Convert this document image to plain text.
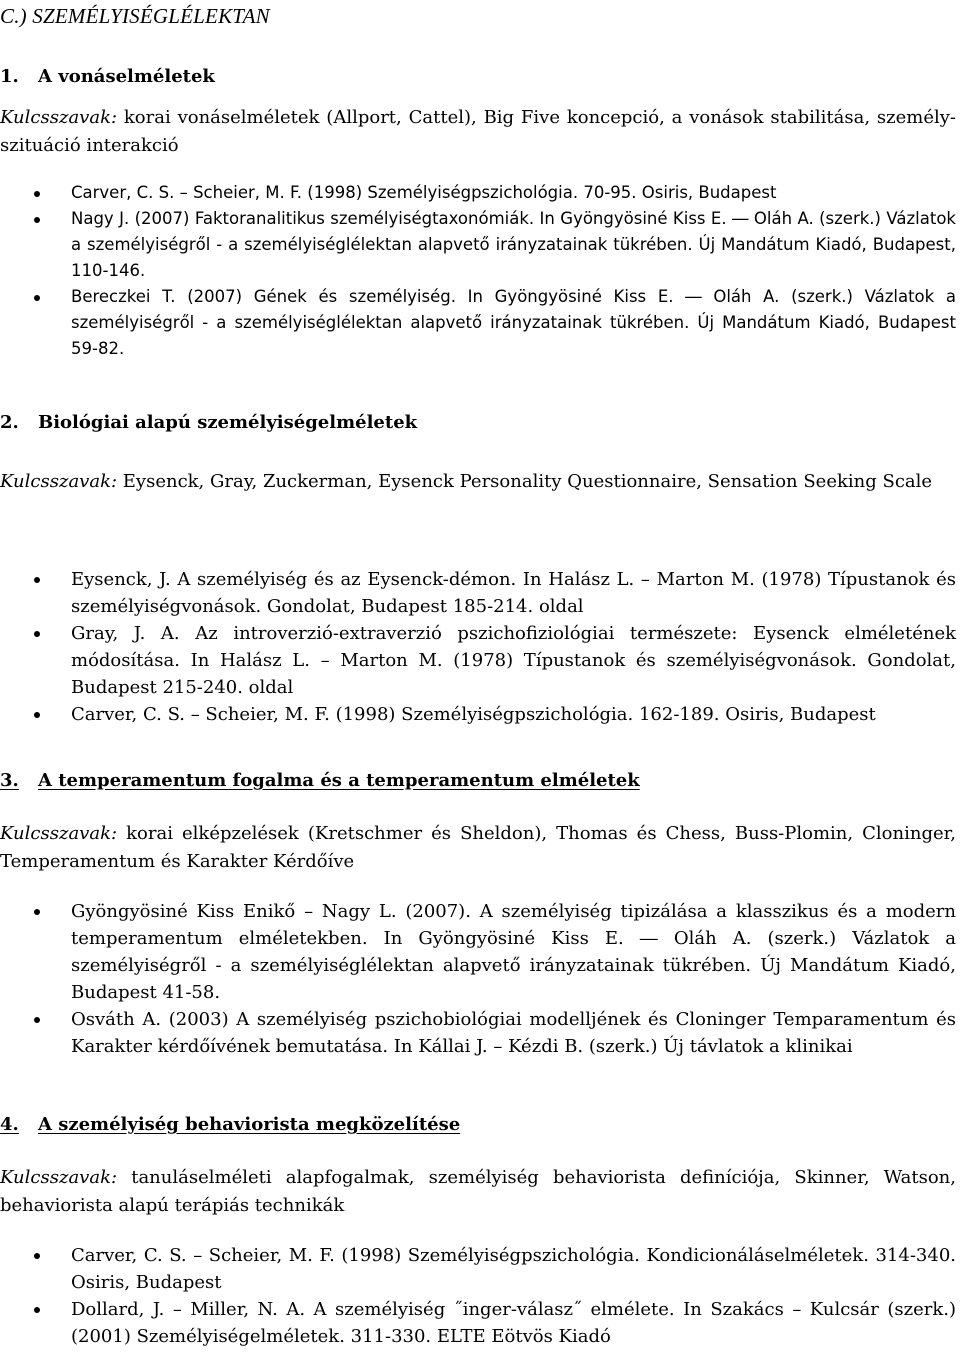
C.) SZEMÉLYISÉGLÉLEKTAN
1. A vonáselméletek

Kulcsszavak: korai vonáselméletek (Allport, Cattel), Big Five koncepció, a vonások stabilitása, személy-szituáció interakció

Carver, C. S. – Scheier, M. F. (1998) Személyiségpszichológia. 70-95. Osiris, Budapest
Nagy J. (2007) Faktoranalitikus személyiségtaxonómiák. In Gyöngyösiné Kiss E. ― Oláh A. (szerk.) Vázlatok a személyiségről - a személyiséglélektan alapvető irányzatainak tükrében. Új Mandátum Kiadó, Budapest, 110-146.
Bereczkei T. (2007) Gének és személyiség. In Gyöngyösiné Kiss E. ― Oláh A. (szerk.) Vázlatok a személyiségről - a személyiséglélektan alapvető irányzatainak tükrében. Új Mandátum Kiadó, Budapest 59-82.
2. Biológiai alapú személyiségelméletek

Kulcsszavak: Eysenck, Gray, Zuckerman, Eysenck Personality Questionnaire, Sensation Seeking Scale

Eysenck, J. A személyiség és az Eysenck-démon. In Halász L. – Marton M. (1978) Típustanok és személyiségvonások. Gondolat, Budapest 185-214. oldal
Gray, J. A. Az introverzió-extraverzió pszichofiziológiai természete: Eysenck elméletének módosítása. In Halász L. – Marton M. (1978) Típustanok és személyiségvonások. Gondolat, Budapest 215-240. oldal
Carver, C. S. – Scheier, M. F. (1998) Személyiségpszichológia. 162-189. Osiris, Budapest
3. A temperamentum fogalma és a temperamentum elméletek

Kulcsszavak: korai elképzelések (Kretschmer és Sheldon), Thomas és Chess, Buss-Plomin, Cloninger, Temperamentum és Karakter Kérdőíve

Gyöngyösiné Kiss Enikő – Nagy L. (2007). A személyiség tipizálása a klasszikus és a modern temperamentum elméletekben. In Gyöngyösiné Kiss E. ― Oláh A. (szerk.) Vázlatok a személyiségről - a személyiséglélektan alapvető irányzatainak tükrében. Új Mandátum Kiadó, Budapest 41-58.
Osváth A. (2003) A személyiség pszichobiológiai modelljének és Cloninger Temparamentum és Karakter kérdőívének bemutatása. In Kállai J. – Kézdi B. (szerk.) Új távlatok a klinikai
4. A személyiség behaviorista megközelítése

Kulcsszavak: tanuláselméleti alapfogalmak, személyiség behaviorista definíciója, Skinner, Watson, behaviorista alapú terápiás technikák

Carver, C. S. – Scheier, M. F. (1998) Személyiségpszichológia. Kondicionáláselméletek. 314-340. Osiris, Budapest
Dollard, J. – Miller, N. A. A személyiség ˝inger-válasz˝ elmélete. In Szakács – Kulcsár (szerk.) (2001) Személyiségelméletek. 311-330. ELTE Eötvös Kiadó
